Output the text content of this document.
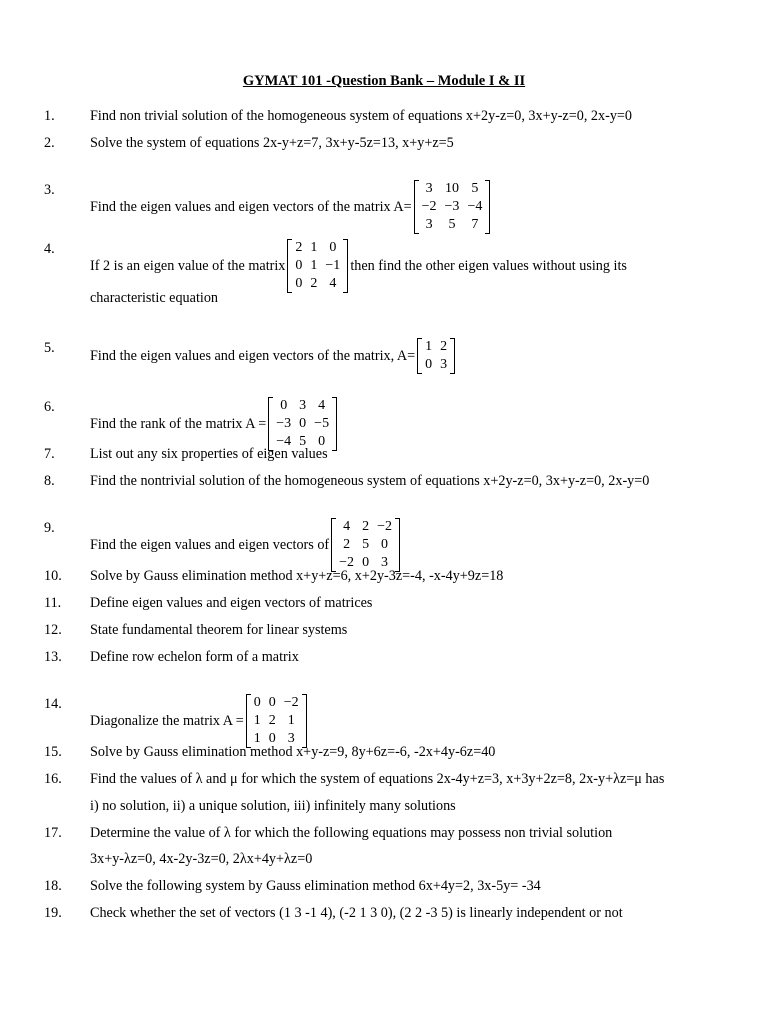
GYMAT 101 -Question Bank – Module I & II
1. Find non trivial solution of the homogeneous system of equations x+2y-z=0, 3x+y-z=0, 2x-y=0
2. Solve the system of equations 2x-y+z=7, 3x+y-5z=13, x+y+z=5
3.
Find the eigen values and eigen vectors of the matrix A=
3	10	5
−2	−3	−4
3	5	7
4.
If 2 is an eigen value of the matrix
2	1	0
0	1	−1
0	2	4
then find the other eigen values without using its
characteristic equation
5. Find the eigen values and eigen vectors of the matrix, A=
1	2
0	3
6.
Find the rank of the matrix A =
0	3	4
−3	0	−5
−4	5	0
7. List out any six properties of eigen values
8. Find the nontrivial solution of the homogeneous system of equations x+2y-z=0, 3x+y-z=0, 2x-y=0
9.
Find the eigen values and eigen vectors of
4	2	−2
2	5	0
−2	0	3
10. Solve by Gauss elimination method x+y+z=6, x+2y-3z=-4, -x-4y+9z=18
11. Define eigen values and eigen vectors of matrices
12. State fundamental theorem for linear systems
13. Define row echelon form of a matrix
14.
Diagonalize the matrix A =
0	0	−2
1	2	1
1	0	3
15. Solve by Gauss elimination method x+y-z=9, 8y+6z=-6, -2x+4y-6z=40
16. Find the values of λ and μ for which the system of equations 2x-4y+z=3, x+3y+2z=8, 2x-y+λz=μ has
i) no solution, ii) a unique solution, iii) infinitely many solutions
17. Determine the value of λ for which the following equations may possess non trivial solution
3x+y-λz=0, 4x-2y-3z=0, 2λx+4y+λz=0
18. Solve the following system by Gauss elimination method 6x+4y=2, 3x-5y= -34
19. Check whether the set of vectors (1 3 -1 4), (-2 1 3 0), (2 2 -3 5) is linearly independent or not
